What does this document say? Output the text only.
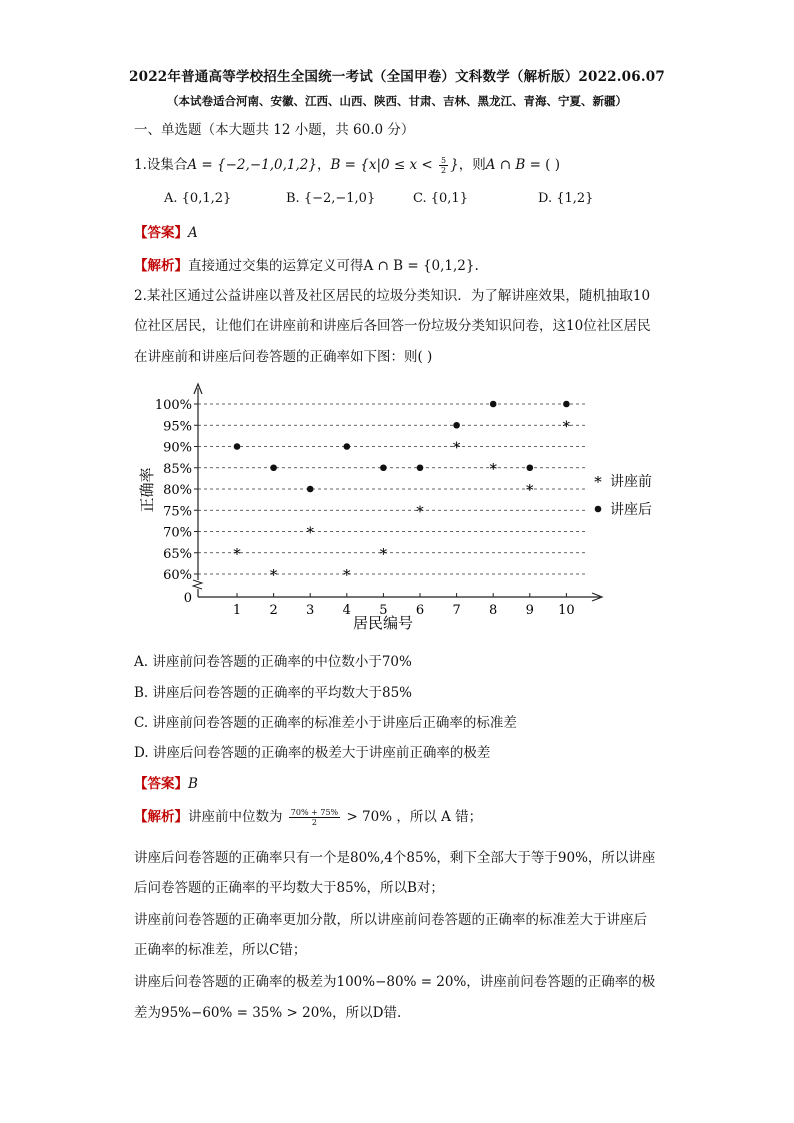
2022年普通高等学校招生全国统一考试（全国甲卷）文科数学（解析版）2022.06.07
（本试卷适合河南、安徽、江西、山西、陕西、甘肃、吉林、黑龙江、青海、宁夏、新疆）
一、单选题（本大题共 12 小题，共 60.0 分）
1.设集合A = {−2,−1,0,1,2}，$B = \{x|0 \le x < \frac{5}{2}$ }，则A ∩ B = ( )
A. {0,1,2}	B. {−2,−1,0}	C. {0,1}	D. {1,2}
【答案】A
【解析】直接通过交集的运算定义可得A ∩ B = {0,1,2}.
2.某社区通过公益讲座以普及社区居民的垃圾分类知识．为了解讲座效果，随机抽取10
位社区居民，让他们在讲座前和讲座后各回答一份垃圾分类知识问卷，这10位社区居民
在讲座前和讲座后问卷答题的正确率如下图：则( )
0
60%
65%
70%
75%
80%
85%
90%
95%
100%
1 2 3 4 5 6 7 8 9 10
*
*
*
*
*
*
*
*
*
*
* 讲座前
讲座后
正确率
居民编号
A. 讲座前问卷答题的正确率的中位数小于70%
B. 讲座后问卷答题的正确率的平均数大于85%
C. 讲座前问卷答题的正确率的标准差小于讲座后正确率的标准差
D. 讲座后问卷答题的正确率的极差大于讲座前正确率的极差
【答案】B
【解析】讲座前中位数为 $\frac{70\% + 75\%}{2} > 70\%$ ，所以 A 错；
讲座后问卷答题的正确率只有一个是80%,4个85%，剩下全部大于等于90%，所以讲座
后问卷答题的正确率的平均数大于85%，所以B对；
讲座前问卷答题的正确率更加分散，所以讲座前问卷答题的正确率的标准差大于讲座后
正确率的标准差，所以C错；
讲座后问卷答题的正确率的极差为100%−80% = 20%，讲座前问卷答题的正确率的极
差为95%−60% = 35% > 20%，所以D错.
